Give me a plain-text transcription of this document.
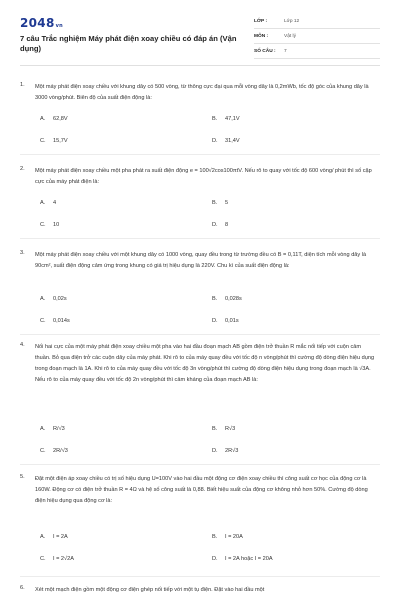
2048vn
7 câu Trắc nghiệm Máy phát điện xoay chiều có đáp án (Vận dụng)
LỚP :	Lớp 12
MÔN :	Vật lý
SỐ CÂU :	7
1. Một máy phát điện xoay chiều với khung dây có 500 vòng, từ thông cực đại qua mỗi vòng dây là 0,2mWb, tốc độ góc của khung dây là 3000 vòng/phút. Biên độ của suất điện động là:
A. 62,8V	B. 47,1V
C. 15,7V	D. 31,4V
2. Một máy phát điện xoay chiều một pha phát ra suất điện động e = 100√2cos100πtV. Nếu rô to quay với tốc độ 600 vòng/ phút thì số cặp cực của máy phát điện là:
A. 4	B. 5
C. 10	D. 8
3. Một máy phát điện xoay chiều với một khung dây có 1000 vòng, quay đều trong từ trường đều có B = 0,11T, diện tích mỗi vòng dây là 90cm², suất điện động cảm ứng trong khung có giá trị hiệu dụng là 220V. Chu kì của suất điện động là:
A. 0,02s	B. 0,028s
C. 0,014s	D. 0,01s
4. Nối hai cực của một máy phát điện xoay chiều một pha vào hai đầu đoạn mạch AB gồm điện trở thuần R mắc nối tiếp với cuộn cảm thuần. Bỏ qua điện trở các cuộn dây của máy phát. Khi rô to của máy quay đều với tốc độ n vòng/phút thì cường độ dòng điện hiệu dụng trong đoạn mạch là 1A. Khi rô to của máy quay đều với tốc độ 3n vòng/phút thì cường độ dòng điện hiệu dụng trong đoạn mạch là √3A. Nếu rô to của máy quay đều với tốc độ 2n vòng/phút thì cảm kháng của đoạn mạch AB là:
A. R/√3	B. R√3
C. 2R/√3	D. 2R√3
5. Đặt một điện áp xoay chiều có trị số hiệu dụng U=100V vào hai đầu một động cơ điện xoay chiều thì công suất cơ học của động cơ là 160W. Động cơ có điện trở thuần R = 4Ω và hệ số công suất là 0,88. Biết hiệu suất của động cơ không nhỏ hơn 50%. Cường độ dòng điện hiệu dụng qua động cơ là:
A. I = 2A	B. I = 20A
C. I = 2√2A	D. I = 2A hoặc I = 20A
6. Xét một mạch điện gồm một động cơ điện ghép nối tiếp với một tụ điện. Đặt vào hai đầu một
